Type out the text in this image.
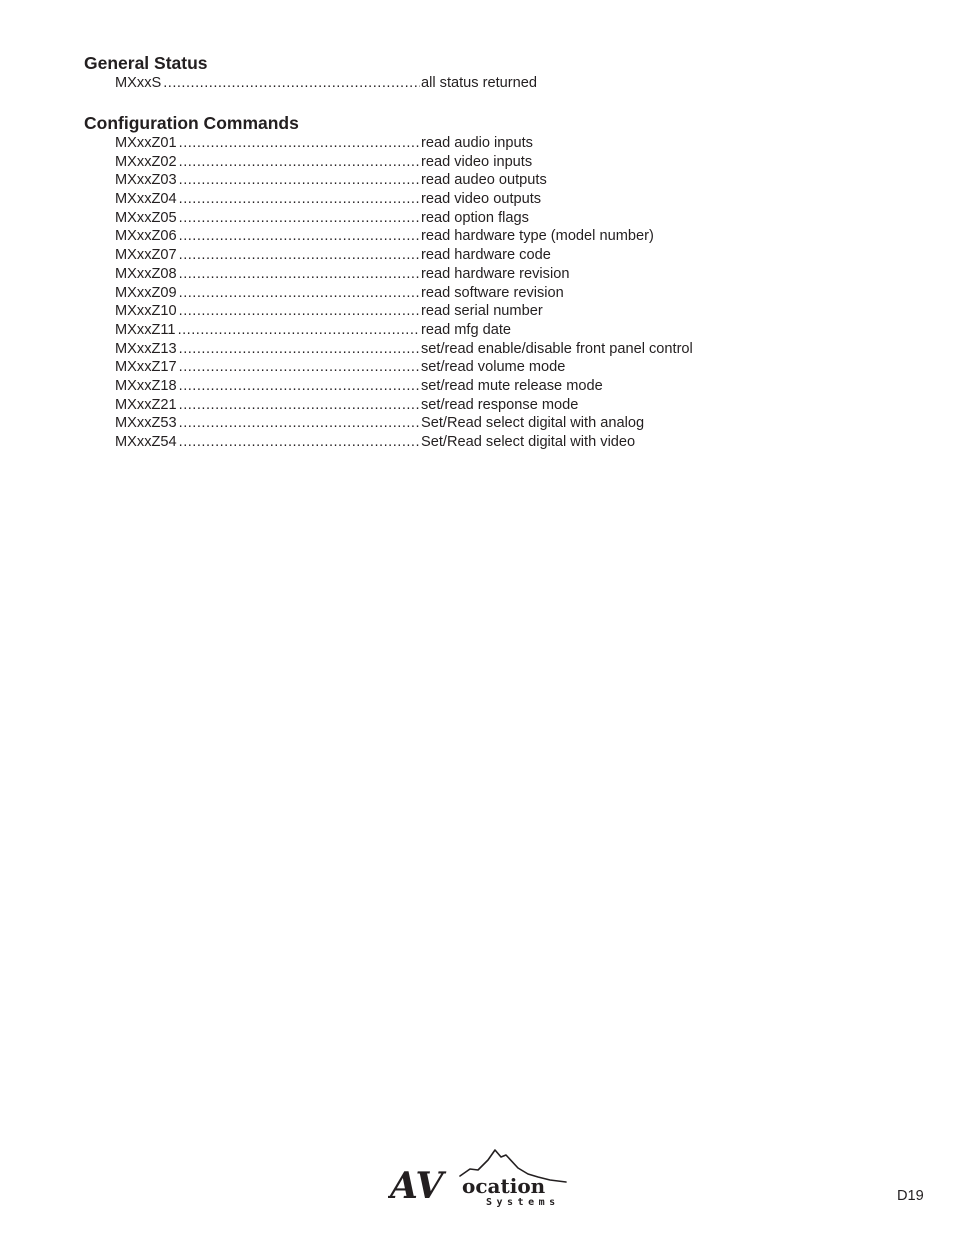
General Status
MXxxS .....	all status returned
Configuration Commands
MXxxZ01 .....	read audio inputs
MXxxZ02 .....	read video inputs
MXxxZ03 .....	read audeo outputs
MXxxZ04 .....	read video outputs
MXxxZ05 .....	read option flags
MXxxZ06 .....	read hardware type (model number)
MXxxZ07 .....	read hardware code
MXxxZ08 .....	read hardware revision
MXxxZ09 .....	read software revision
MXxxZ10 .....	read serial number
MXxxZ11 .....	read mfg date
MXxxZ13 .....	set/read enable/disable front panel control
MXxxZ17 .....	set/read volume mode
MXxxZ18 .....	set/read mute release mode
MXxxZ21 .....	set/read response mode
MXxxZ53 .....	Set/Read select digital with analog
MXxxZ54 .....	Set/Read select digital with video
AV ocation
Systems	D19
